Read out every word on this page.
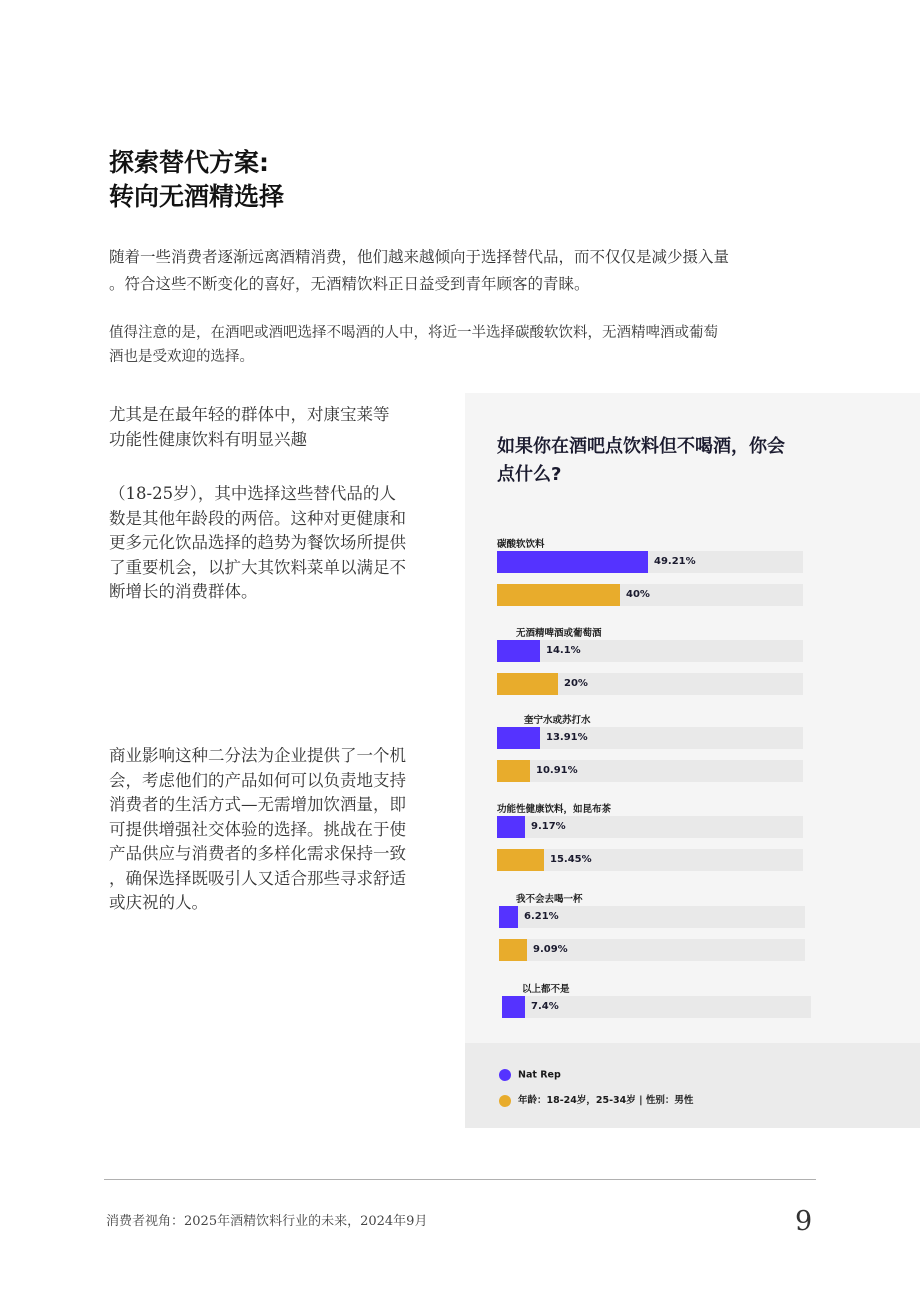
探索替代方案:
转向无酒精选择
随着一些消费者逐渐远离酒精消费，他们越来越倾向于选择替代品，而不仅仅是减少摄入量
。符合这些不断变化的喜好，无酒精饮料正日益受到青年顾客的青睐。
值得注意的是，在酒吧或酒吧选择不喝酒的人中，将近一半选择碳酸软饮料，无酒精啤酒或葡萄
酒也是受欢迎的选择。
尤其是在最年轻的群体中，对康宝莱等
功能性健康饮料有明显兴趣
（18-25岁），其中选择这些替代品的人
数是其他年龄段的两倍。这种对更健康和
更多元化饮品选择的趋势为餐饮场所提供
了重要机会，以扩大其饮料菜单以满足不
断增长的消费群体。
商业影响这种二分法为企业提供了一个机
会，考虑他们的产品如何可以负责地支持
消费者的生活方式—无需增加饮酒量，即
可提供增强社交体验的选择。挑战在于使
产品供应与消费者的多样化需求保持一致
，确保选择既吸引人又适合那些寻求舒适
或庆祝的人。
如果你在酒吧点饮料但不喝酒，你会
点什么?
碳酸软饮料
49.21%
40%
无酒精啤酒或葡萄酒
14.1%
20%
奎宁水或苏打水
13.91%
10.91%
功能性健康饮料，如昆布茶
9.17%
15.45%
我不会去喝一杯
6.21%
9.09%
以上都不是
7.4%
Nat Rep
年龄：18-24岁，25-34岁 | 性别：男性
消费者视角：2025年酒精饮料行业的未来，2024年9月	9
